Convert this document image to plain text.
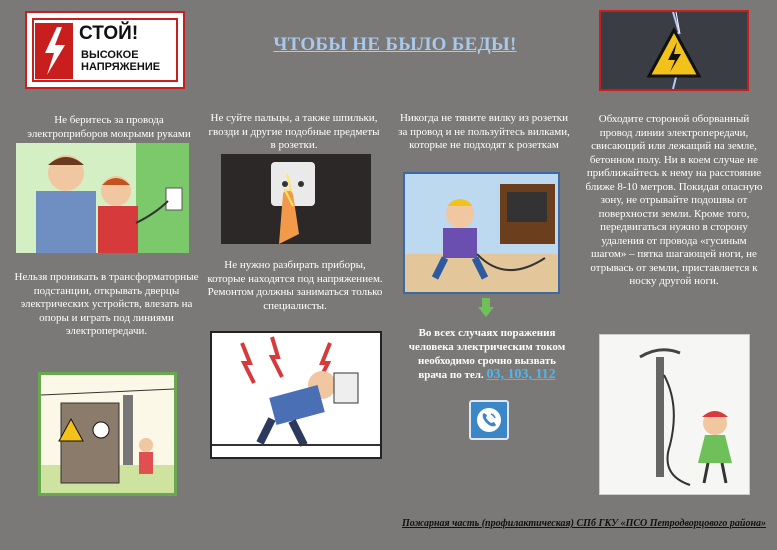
СТОЙ!
ВЫСОКОЕ
НАПРЯЖЕНИЕ
ЧТОБЫ НЕ БЫЛО БЕДЫ!
Не беритесь за провода электроприборов мокрыми руками
Нельзя проникать в трансформаторные подстанции, открывать дверцы электрических устройств, влезать на опоры и играть под линиями электропередачи.
Не суйте пальцы, а также шпильки, гвозди и другие подобные предметы в розетки.
Не нужно разбирать приборы, которые находятся под напряжением. Ремонтом должны заниматься только специалисты.
Никогда не тяните вилку из розетки за провод и не пользуйтесь вилками, которые не подходят к розеткам
Во всех случаях поражения человека электрическим током необходимо срочно вызвать врача по тел. 03, 103, 112
Обходите стороной оборванный провод линии электропередачи, свисающий или лежащий на земле, бетонном полу. Ни в коем случае не приближайтесь к нему на расстояние ближе 8-10 метров. Покидая опасную зону, не отрывайте подошвы от поверхности земли. Кроме того, передвигаться нужно в сторону удаления от провода «гусиным шагом» – пятка шагающей ноги, не отрывась от земли, приставляется к носку другой ноги.
Пожарная часть (профилактическая) СПб ГКУ «ПСО Петродворцового района»
